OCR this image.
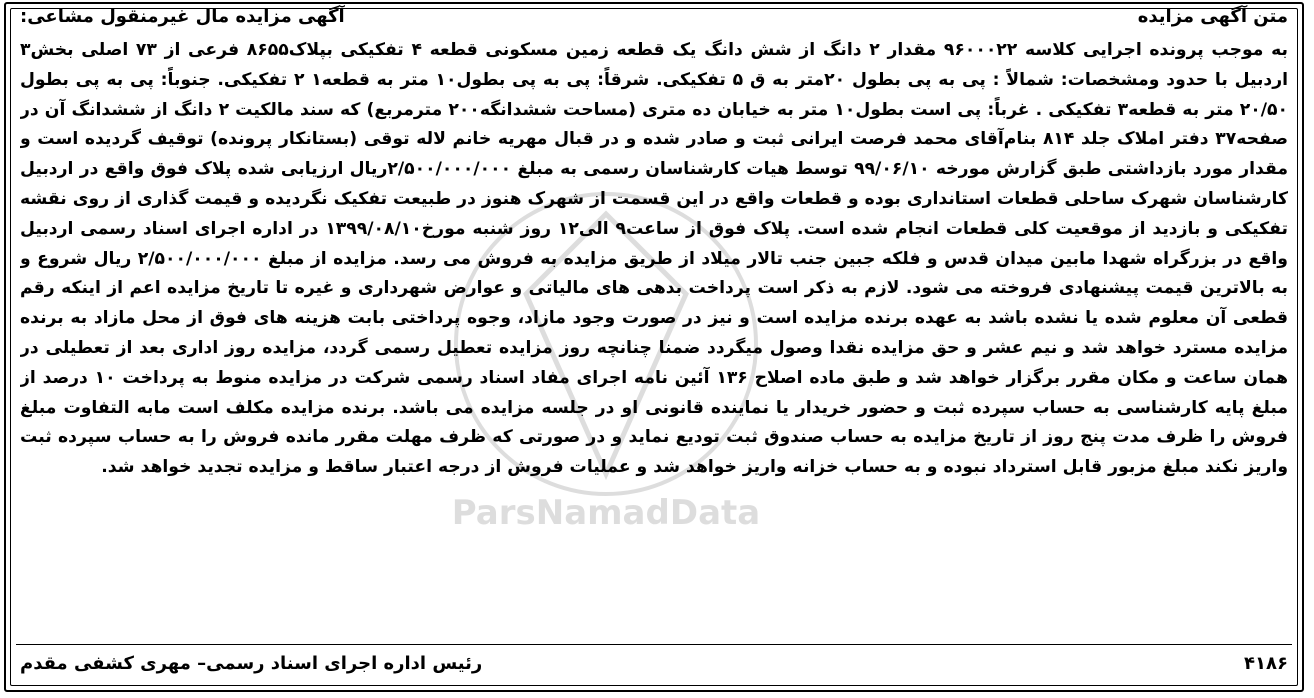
ParsNamadData
متن آگهی مزایده
آگهی مزایده مال غیرمنقول مشاعی:
به موجب پرونده اجرایی کلاسه ۹۶۰۰۰۲۲ مقدار ۲ دانگ از شش دانگ یک قطعه زمین مسکونی قطعه ۴ تفکیکی بپلاک۸۶۵۵ فرعی از ۷۳ اصلی بخش۳ اردبیل با حدود ومشخصات: شمالاً : پی به پی بطول ۲۰متر به ق ۵ تفکیکی. شرقاً: پی به پی بطول۱۰ متر به قطعه۱ ۲ تفکیکی. جنوباً: پی به پی بطول ۲۰/۵۰ متر به قطعه۳ تفکیکی . غرباً: پی است بطول۱۰ متر به خیابان ده متری (مساحت ششدانگه۲۰۰ مترمربع) که سند مالکیت ۲ دانگ از ششدانگ آن در صفحه۳۷ دفتر املاک جلد ۸۱۴ بنام‌آقای محمد فرصت ایرانی ثبت و صادر شده و در قبال مهریه خانم لاله توقی (بستانکار پرونده) توقیف گردیده است و مقدار مورد بازداشتی طبق گزارش مورخه ۹۹/۰۶/۱۰ توسط هیات کارشناسان رسمی به مبلغ ۲/۵۰۰/۰۰۰/۰۰۰ریال ارزیابی شده پلاک فوق واقع در اردبیل کارشناسان شهرک ساحلی قطعات استانداری بوده و قطعات واقع در این قسمت از شهرک هنوز در طبیعت تفکیک نگردیده و قیمت گذاری از روی نقشه تفکیکی و بازدید از موقعیت کلی قطعات انجام شده است. پلاک فوق از ساعت۹ الی۱۲ روز شنبه مورخ۱۳۹۹/۰۸/۱۰ در اداره اجرای اسناد رسمی اردبیل واقع در بزرگراه شهدا مابین میدان قدس و فلکه جبین جنب تالار میلاد از طریق مزایده به فروش می رسد. مزایده از مبلغ ۲/۵۰۰/۰۰۰/۰۰۰ ریال شروع و به بالاترین قیمت پیشنهادی فروخته می شود. لازم به ذکر است پرداخت بدهی های مالیاتی و عوارض شهرداری و غیره تا تاریخ مزایده اعم از اینکه رقم قطعی آن معلوم شده یا نشده باشد به عهده برنده مزایده است و نیز در صورت وجود مازاد، وجوه پرداختی بابت هزینه های فوق از محل مازاد به برنده مزایده مسترد خواهد شد و نیم عشر و حق مزایده نقدا وصول میگردد ضمنا چنانچه روز مزایده تعطیل رسمی گردد، مزایده روز اداری بعد از تعطیلی در همان ساعت و مکان مقرر برگزار خواهد شد و طبق ماده اصلاح ۱۳۶ آئین نامه اجرای مفاد اسناد رسمی شرکت در مزایده منوط به پرداخت ۱۰ درصد از مبلغ پایه کارشناسی به حساب سپرده ثبت و حضور خریدار یا نماینده قانونی او در جلسه مزایده می باشد. برنده مزایده مکلف است مابه التفاوت مبلغ فروش را ظرف مدت پنج روز از تاریخ مزایده به حساب صندوق ثبت تودیع نماید و در صورتی که ظرف مهلت مقرر مانده فروش را به حساب سپرده ثبت واریز نکند مبلغ مزبور قابل استرداد نبوده و به حساب خزانه واریز خواهد شد و عملیات فروش از درجه اعتبار ساقط و مزایده تجدید خواهد شد.
۴۱۸۶
رئیس اداره اجرای اسناد رسمی– مهری کشفی مقدم
